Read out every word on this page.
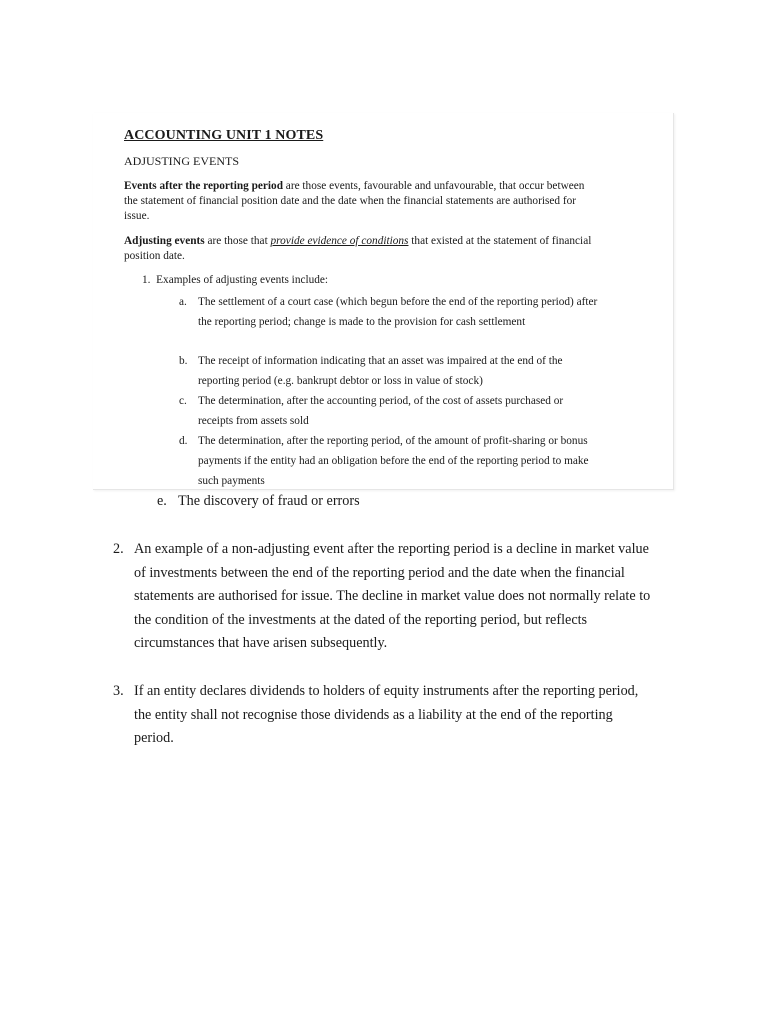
ACCOUNTING UNIT 1 NOTES
ADJUSTING EVENTS
Events after the reporting period are those events, favourable and unfavourable, that occur between the statement of financial position date and the date when the financial statements are authorised for issue.
Adjusting events are those that provide evidence of conditions that existed at the statement of financial position date.
1. Examples of adjusting events include:
a. The settlement of a court case (which begun before the end of the reporting period) after the reporting period; change is made to the provision for cash settlement
b. The receipt of information indicating that an asset was impaired at the end of the reporting period (e.g. bankrupt debtor or loss in value of stock)
c. The determination, after the accounting period, of the cost of assets purchased or receipts from assets sold
d. The determination, after the reporting period, of the amount of profit-sharing or bonus payments if the entity had an obligation before the end of the reporting period to make such payments
e. The discovery of fraud or errors
2. An example of a non-adjusting event after the reporting period is a decline in market value of investments between the end of the reporting period and the date when the financial statements are authorised for issue. The decline in market value does not normally relate to the condition of the investments at the dated of the reporting period, but reflects circumstances that have arisen subsequently.
3. If an entity declares dividends to holders of equity instruments after the reporting period, the entity shall not recognise those dividends as a liability at the end of the reporting period.
